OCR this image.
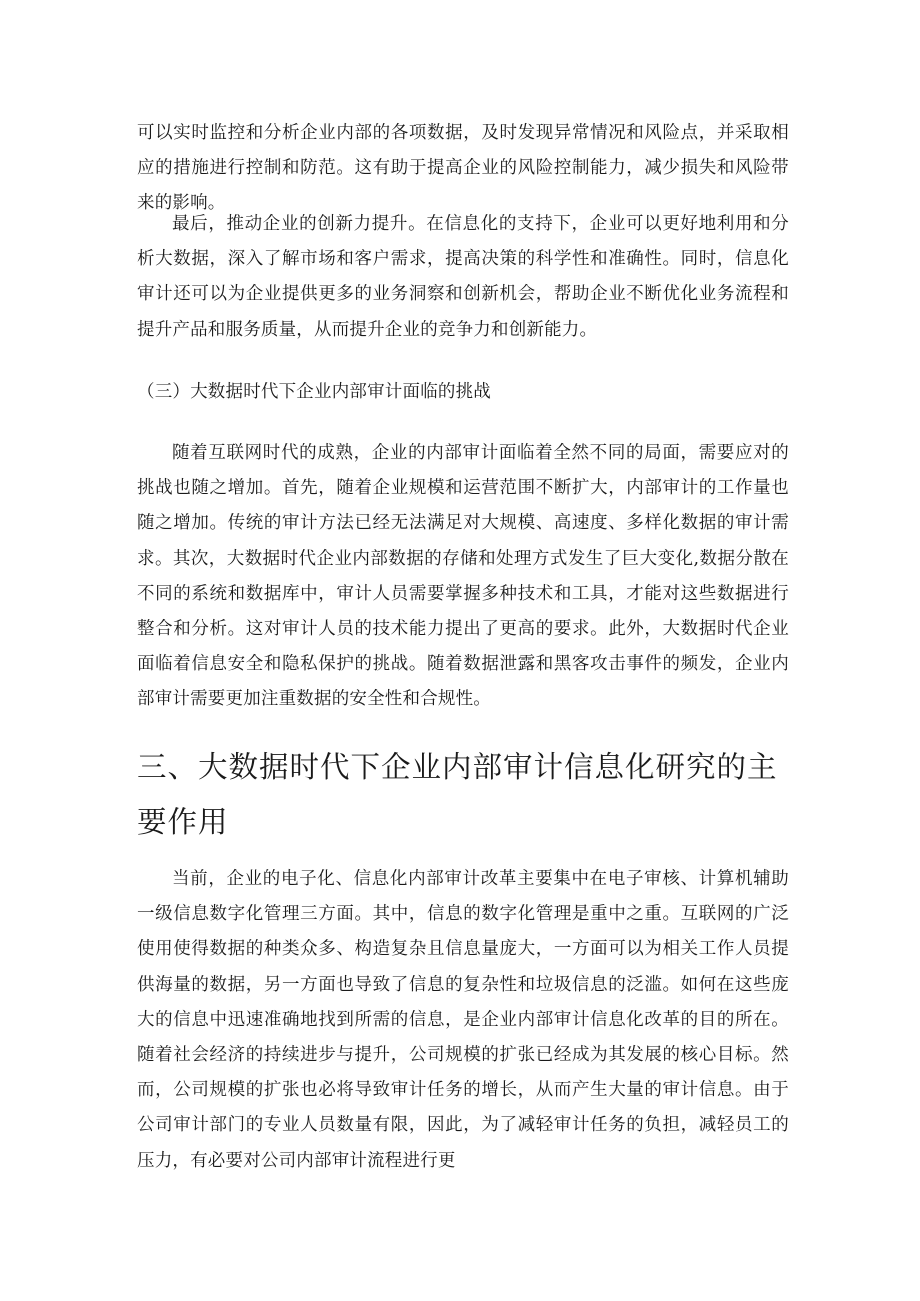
可以实时监控和分析企业内部的各项数据，及时发现异常情况和风险点，并采取相应的措施进行控制和防范。这有助于提高企业的风险控制能力，减少损失和风险带来的影响。

最后，推动企业的创新力提升。在信息化的支持下，企业可以更好地利用和分析大数据，深入了解市场和客户需求，提高决策的科学性和准确性。同时，信息化审计还可以为企业提供更多的业务洞察和创新机会，帮助企业不断优化业务流程和提升产品和服务质量，从而提升企业的竞争力和创新能力。

（三）大数据时代下企业内部审计面临的挑战

随着互联网时代的成熟，企业的内部审计面临着全然不同的局面，需要应对的挑战也随之增加。首先，随着企业规模和运营范围不断扩大，内部审计的工作量也随之增加。传统的审计方法已经无法满足对大规模、高速度、多样化数据的审计需求。其次，大数据时代企业内部数据的存储和处理方式发生了巨大变化,数据分散在不同的系统和数据库中，审计人员需要掌握多种技术和工具，才能对这些数据进行整合和分析。这对审计人员的技术能力提出了更高的要求。此外，大数据时代企业面临着信息安全和隐私保护的挑战。随着数据泄露和黑客攻击事件的频发，企业内部审计需要更加注重数据的安全性和合规性。

三、大数据时代下企业内部审计信息化研究的主要作用

当前，企业的电子化、信息化内部审计改革主要集中在电子审核、计算机辅助一级信息数字化管理三方面。其中，信息的数字化管理是重中之重。互联网的广泛使用使得数据的种类众多、构造复杂且信息量庞大，一方面可以为相关工作人员提供海量的数据，另一方面也导致了信息的复杂性和垃圾信息的泛滥。如何在这些庞大的信息中迅速准确地找到所需的信息，是企业内部审计信息化改革的目的所在。随着社会经济的持续进步与提升，公司规模的扩张已经成为其发展的核心目标。然而，公司规模的扩张也必将导致审计任务的增长，从而产生大量的审计信息。由于公司审计部门的专业人员数量有限，因此，为了减轻审计任务的负担，减轻员工的压力，有必要对公司内部审计流程进行更
